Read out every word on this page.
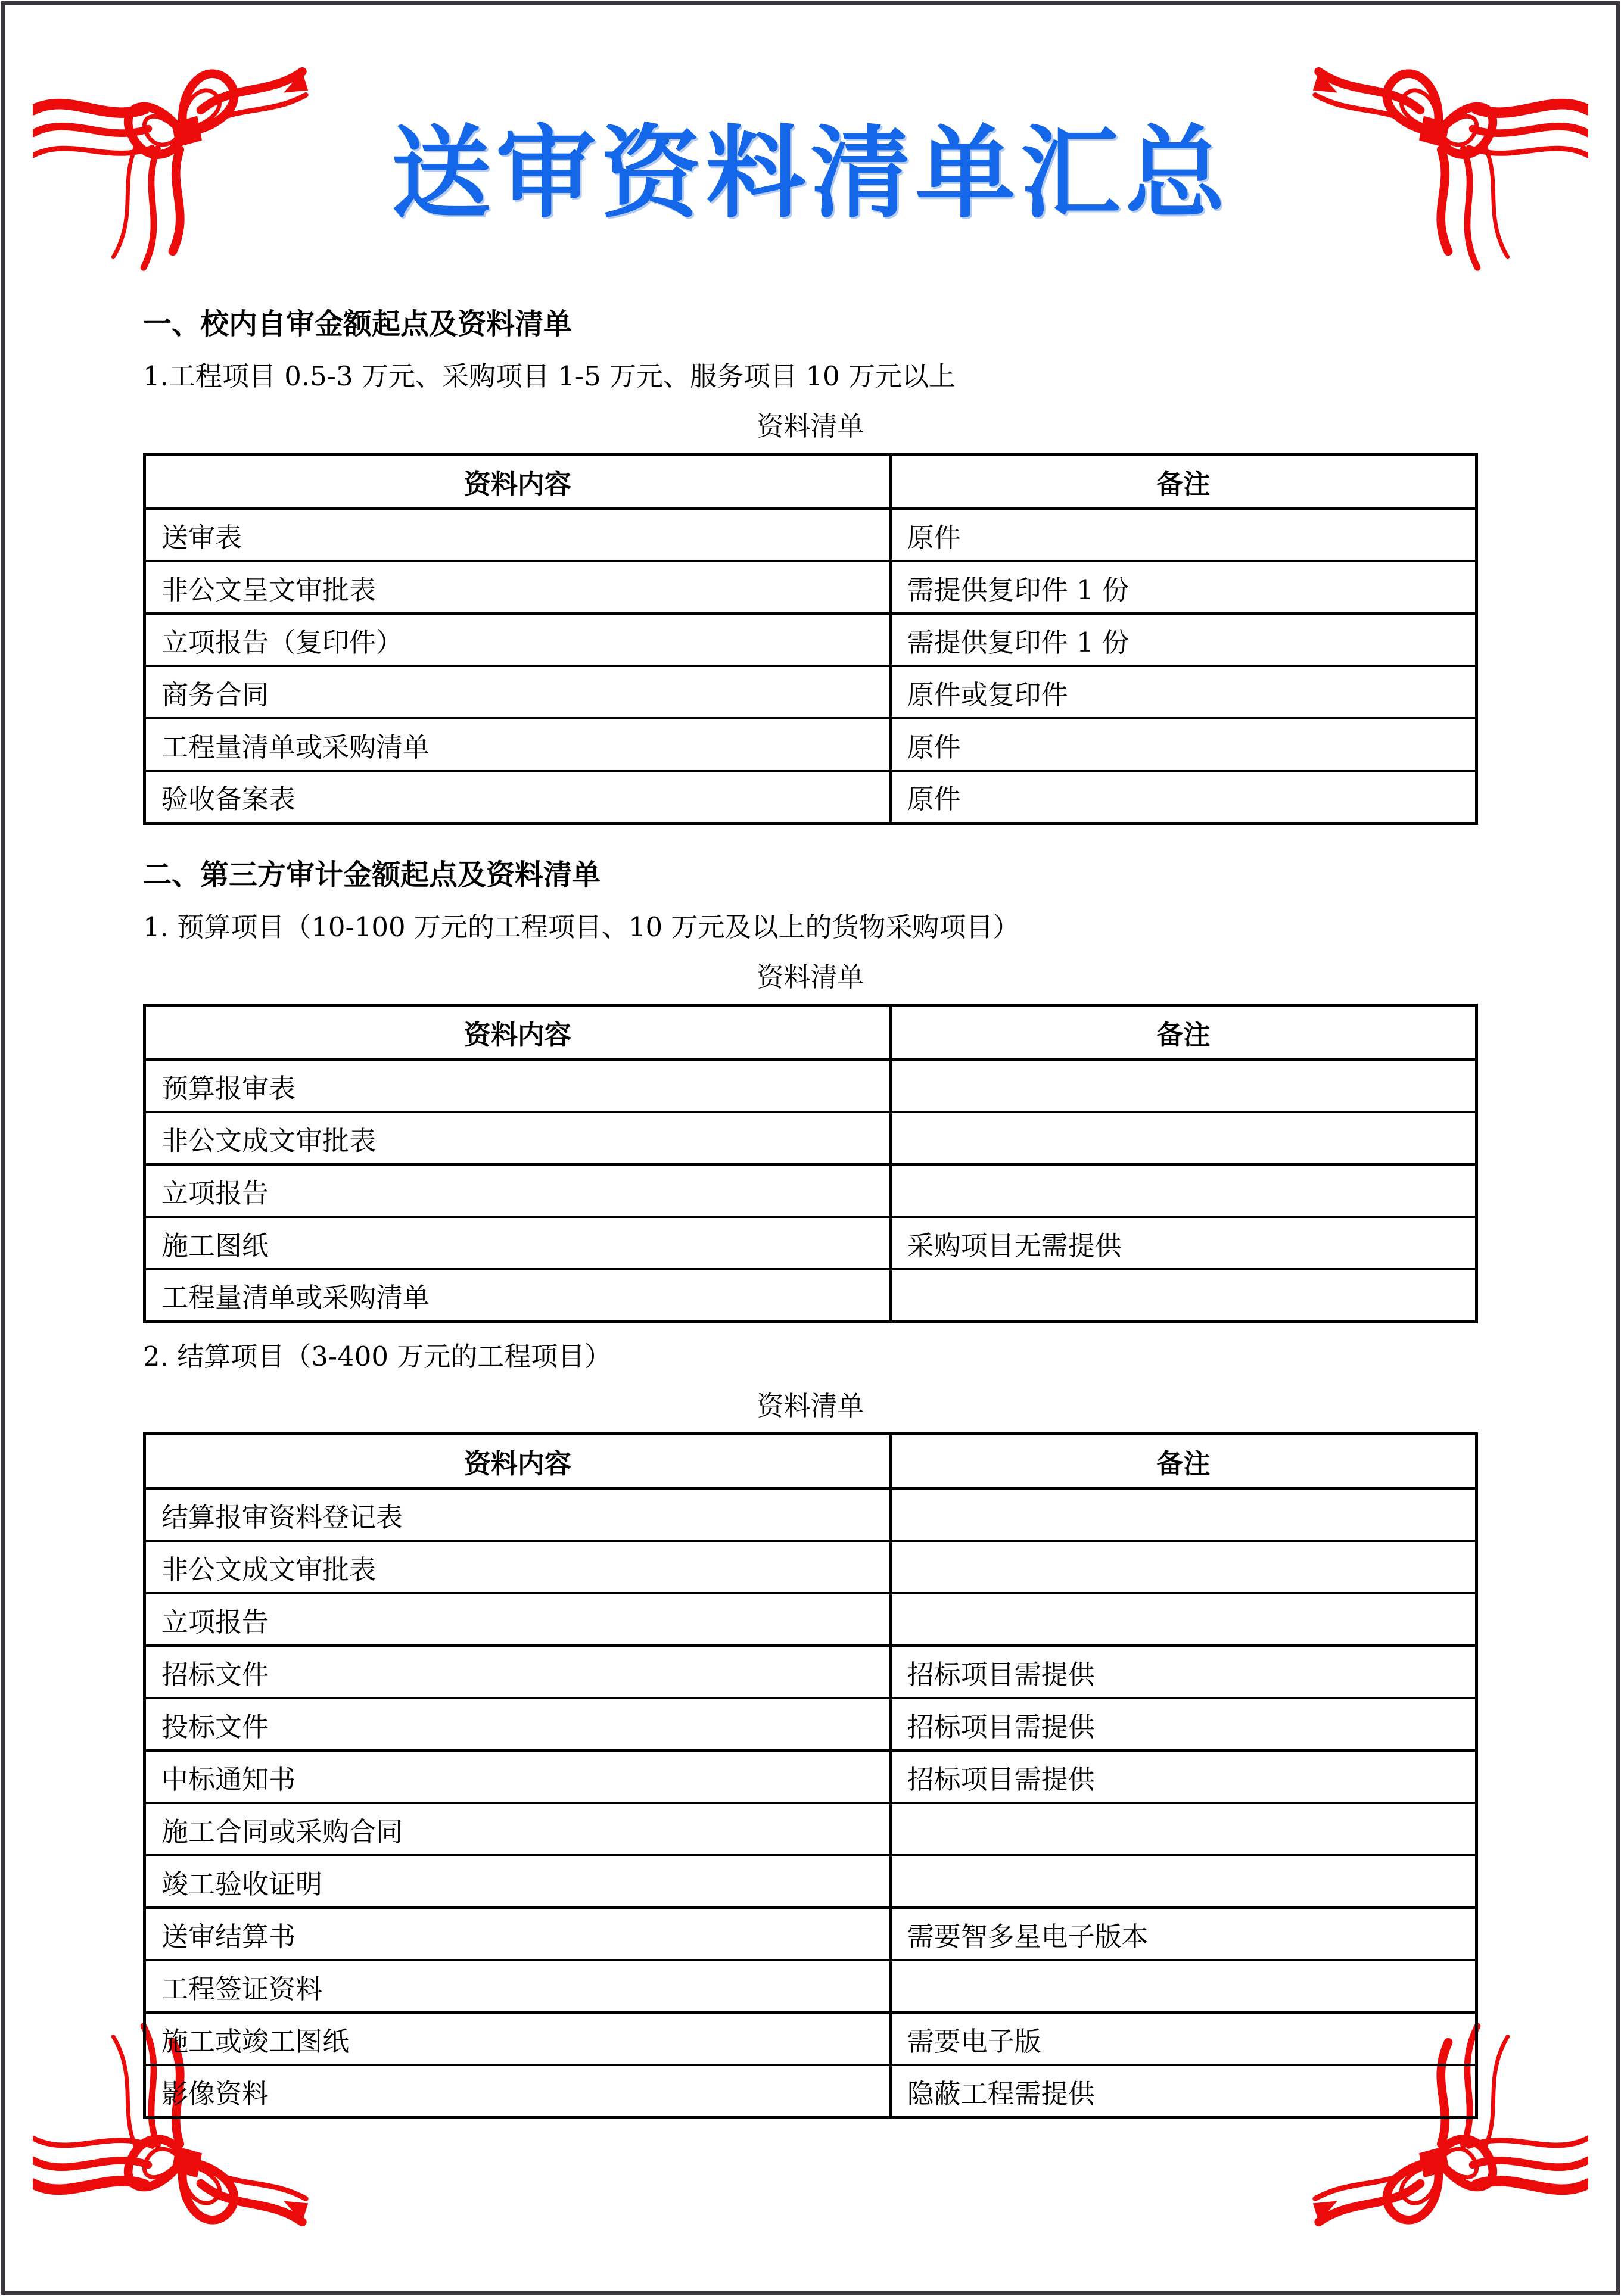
送审资料清单汇总
一、校内自审金额起点及资料清单

1.工程项目 0.5-3 万元、采购项目 1-5 万元、服务项目 10 万元以上

资料清单

资料内容	备注
送审表	原件
非公文呈文审批表	需提供复印件 1 份
立项报告（复印件）	需提供复印件 1 份
商务合同	原件或复印件
工程量清单或采购清单	原件
验收备案表	原件
二、第三方审计金额起点及资料清单

1. 预算项目（10-100 万元的工程项目、10 万元及以上的货物采购项目）

资料清单

资料内容	备注
预算报审表	
非公文成文审批表	
立项报告	
施工图纸	采购项目无需提供
工程量清单或采购清单	

2. 结算项目（3-400 万元的工程项目）

资料清单

资料内容	备注
结算报审资料登记表	
非公文成文审批表	
立项报告	
招标文件	招标项目需提供
投标文件	招标项目需提供
中标通知书	招标项目需提供
施工合同或采购合同	
竣工验收证明	
送审结算书	需要智多星电子版本
工程签证资料	
施工或竣工图纸	需要电子版
影像资料	隐蔽工程需提供
